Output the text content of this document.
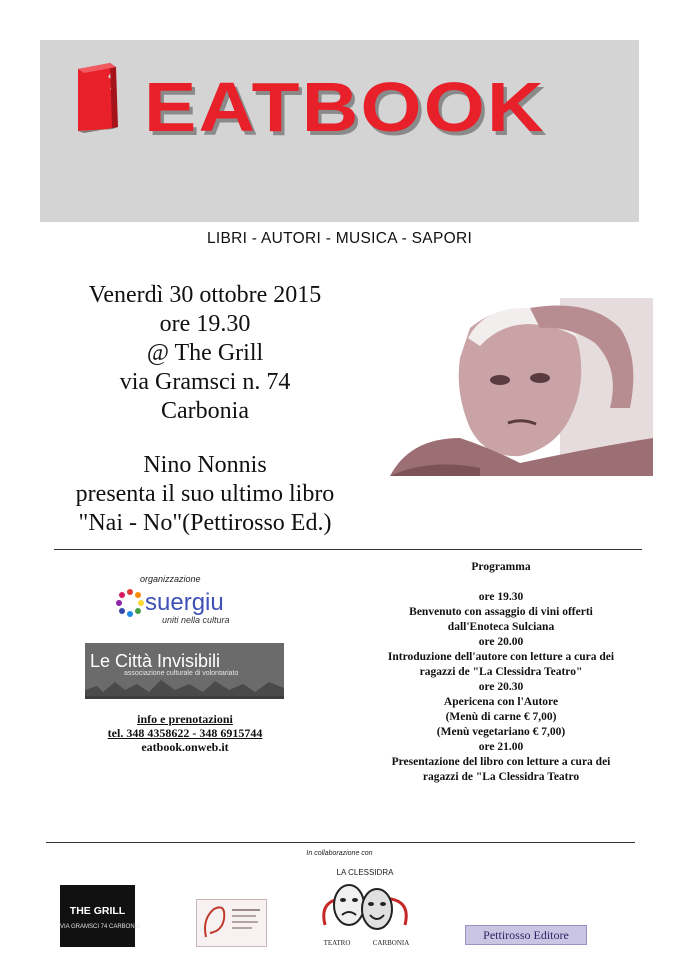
EATBOOK
LIBRI - AUTORI - MUSICA - SAPORI
Venerdì 30 ottobre 2015
ore 19.30
@ The Grill
via Gramsci n. 74
Carbonia
Nino Nonnis
presenta il suo ultimo libro
"Nai - No"(Pettirosso Ed.)
organizzazione
suergiu
uniti nella cultura
Le Città Invisibili
associazione culturale di volontariato
info e prenotazioni
tel. 348 4358622 - 348 6915744
eatbook.onweb.it
Programma
ore 19.30
Benvenuto con assaggio di vini offerti
dall'Enoteca Sulciana
ore 20.00
Introduzione dell'autore con letture a cura dei
ragazzi de "La Clessidra Teatro"
ore 20.30
Apericena con l'Autore
(Menù di carne € 7,00)
(Menù vegetariano € 7,00)
ore 21.00
Presentazione del libro con letture a cura dei
ragazzi de "La Clessidra Teatro
In collaborazione con
THE GRILL
VIA GRAMSCI 74 CARBONIA
LA CLESSIDRA
TEATRO	CARBONIA
Pettirosso Editore
